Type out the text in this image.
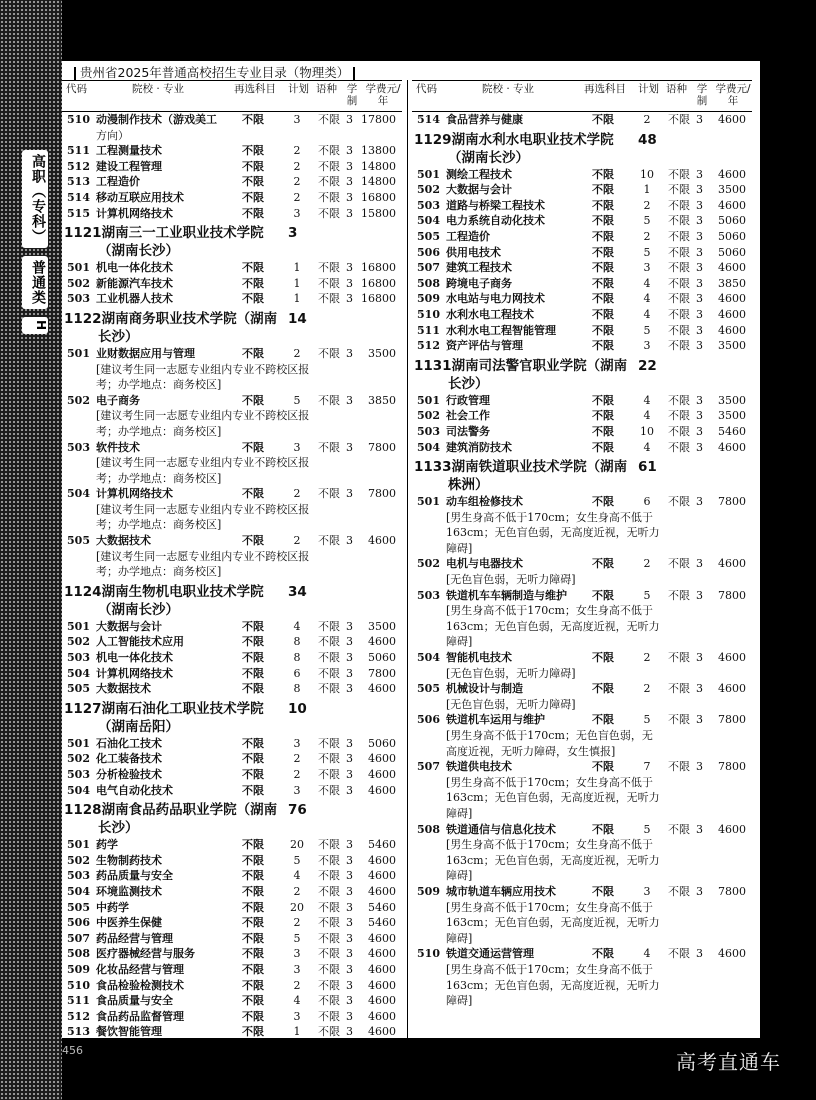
高职（专科）
普通类
H
贵州省2025年普通高校招生专业目录（物理类）
代码	院校 · 专业	再选科目 计划 语种 学制
学费元/年
510 动漫制作技术（游戏美工 不限	3	不限 3 17800
方向）
511 工程测量技术	不限	2	不限 3 13800
512 建设工程管理	不限	2	不限 3 14800
513 工程造价	不限	2	不限 3 14800
514 移动互联应用技术	不限	2	不限 3 16800
515 计算机网络技术	不限	3	不限 3 15800
1121湖南三一工业职业技术学院 3
（湖南长沙）
501 机电一体化技术	不限	1	不限 3 16800
502 新能源汽车技术	不限	1	不限 3 16800
503 工业机器人技术	不限	1	不限 3 16800
1122湖南商务职业技术学院（湖南 14
长沙）
501 业财数据应用与管理	不限	2	不限 3	3500
[建议考生同一志愿专业组内专业不跨校区报考；办学地点：商务校区]
502 电子商务	不限	5	不限 3	3850
[建议考生同一志愿专业组内专业不跨校区报考；办学地点：商务校区]
503 软件技术	不限	3	不限 3	7800
[建议考生同一志愿专业组内专业不跨校区报考；办学地点：商务校区]
504 计算机网络技术	不限	2	不限 3	7800
[建议考生同一志愿专业组内专业不跨校区报考；办学地点：商务校区]
505 大数据技术	不限	2	不限 3	4600
[建议考生同一志愿专业组内专业不跨校区报考；办学地点：商务校区]
1124湖南生物机电职业技术学院 34
（湖南长沙）
501 大数据与会计	不限	4	不限 3	3500
502 人工智能技术应用	不限	8	不限 3	4600
503 机电一体化技术	不限	8	不限 3	5060
504 计算机网络技术	不限	6	不限 3	7800
505 大数据技术	不限	8	不限 3	4600
1127湖南石油化工职业技术学院 10
（湖南岳阳）
501 石油化工技术	不限	3	不限 3	5060
502 化工装备技术	不限	2	不限 3	4600
503 分析检验技术	不限	2	不限 3	4600
504 电气自动化技术	不限	3	不限 3	4600
1128湖南食品药品职业学院（湖南 76
长沙）
501 药学	不限 20 不限 3	5460
502 生物制药技术	不限	5	不限 3	4600
503 药品质量与安全	不限	4	不限 3	4600
504 环境监测技术	不限	2	不限 3	4600
505 中药学	不限 20 不限 3	5460
506 中医养生保健	不限	2	不限 3	5460
507 药品经营与管理	不限	5	不限 3	4600
508 医疗器械经营与服务	不限	3	不限 3	4600
509 化妆品经营与管理	不限	3	不限 3	4600
510 食品检验检测技术	不限	2	不限 3	4600
511 食品质量与安全	不限	4	不限 3	4600
512 食品药品监督管理	不限	3	不限 3	4600
513 餐饮智能管理	不限	1	不限 3	4600
代码	院校 · 专业	再选科目 计划 语种 学制
学费元/年
514 食品营养与健康	不限	2	不限 3	4600
1129湖南水利水电职业技术学院 48
（湖南长沙）
501 测绘工程技术	不限 10 不限 3	4600
502 大数据与会计	不限	1	不限 3	3500
503 道路与桥梁工程技术	不限	2	不限 3	4600
504 电力系统自动化技术	不限	5	不限 3	5060
505 工程造价	不限	2	不限 3	5060
506 供用电技术	不限	5	不限 3	5060
507 建筑工程技术	不限	3	不限 3	4600
508 跨境电子商务	不限	4	不限 3	3850
509 水电站与电力网技术	不限	4	不限 3	4600
510 水利水电工程技术	不限	4	不限 3	4600
511 水利水电工程智能管理	不限	5	不限 3	4600
512 资产评估与管理	不限	3	不限 3	3500
1131湖南司法警官职业学院（湖南 22
长沙）
501 行政管理	不限	4	不限 3	3500
502 社会工作	不限	4	不限 3	3500
503 司法警务	不限 10 不限 3	5460
504 建筑消防技术	不限	4	不限 3	4600
1133湖南铁道职业技术学院（湖南 61
株洲）
501 动车组检修技术	不限	6	不限 3	7800
[男生身高不低于170cm；女生身高不低于163cm；无色盲色弱，无高度近视，无听力障碍]
502 电机与电器技术	不限	2	不限 3	4600
[无色盲色弱，无听力障碍]
503 铁道机车车辆制造与维护 不限	5	不限 3	7800
[男生身高不低于170cm；女生身高不低于163cm；无色盲色弱，无高度近视，无听力障碍]
504 智能机电技术	不限	2	不限 3	4600
[无色盲色弱，无听力障碍]
505 机械设计与制造	不限	2	不限 3	4600
[无色盲色弱，无听力障碍]
506 铁道机车运用与维护	不限	5	不限 3	7800
[男生身高不低于170cm；无色盲色弱，无高度近视，无听力障碍，女生慎报]
507 铁道供电技术	不限	7	不限 3	7800
[男生身高不低于170cm；女生身高不低于163cm；无色盲色弱，无高度近视，无听力障碍]
508 铁道通信与信息化技术	不限	5	不限 3	4600
[男生身高不低于170cm；女生身高不低于163cm；无色盲色弱，无高度近视，无听力障碍]
509 城市轨道车辆应用技术	不限	3	不限 3	7800
[男生身高不低于170cm；女生身高不低于163cm；无色盲色弱，无高度近视，无听力障碍]
510 铁道交通运营管理	不限	4	不限 3	4600
[男生身高不低于170cm；女生身高不低于163cm；无色盲色弱，无高度近视，无听力障碍]
456	高考直通车
